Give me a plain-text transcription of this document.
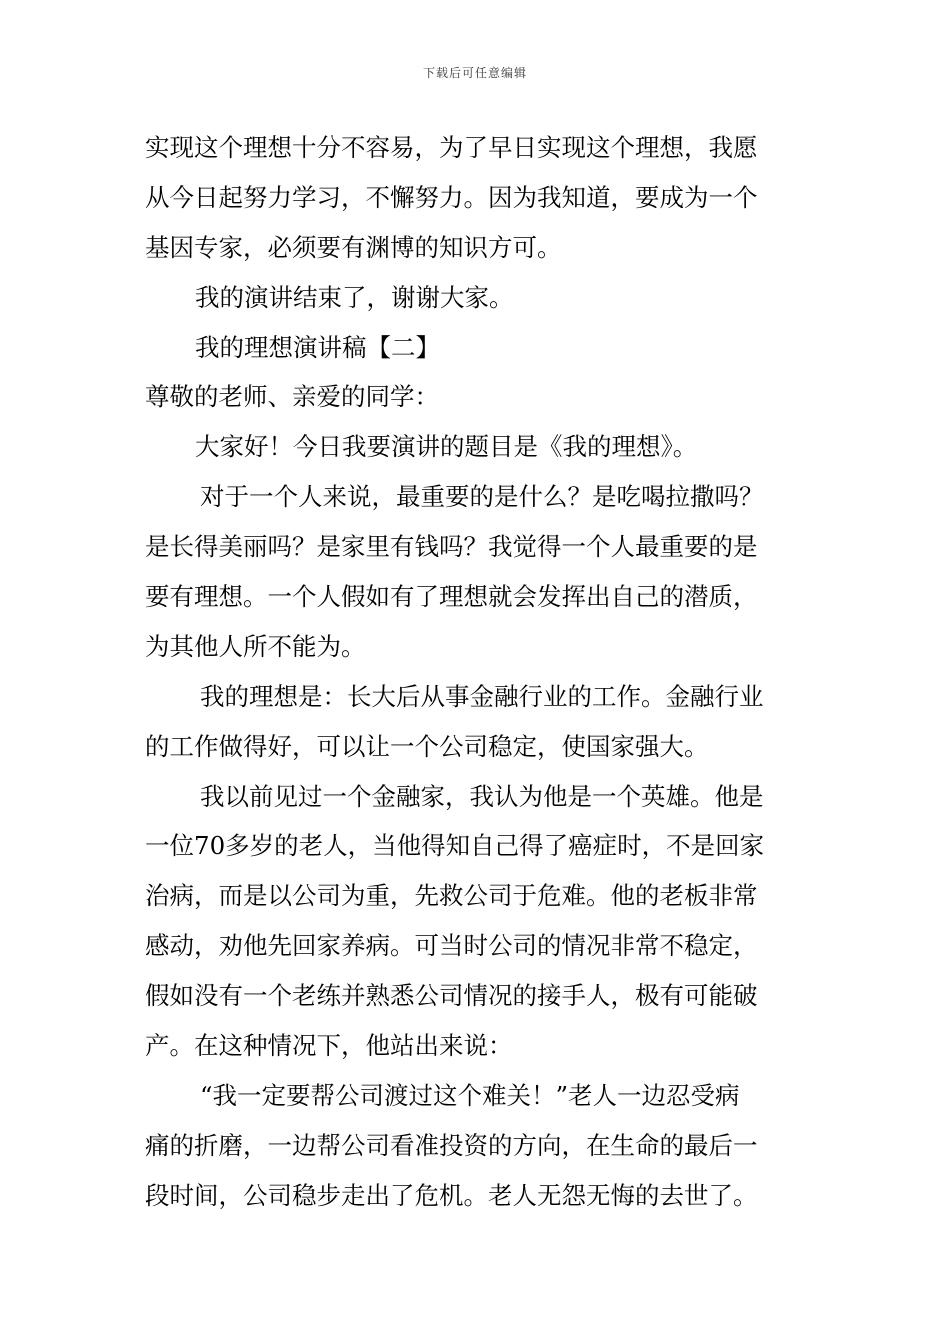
下载后可任意编辑
实现这个理想十分不容易，为了早日实现这个理想，我愿
从今日起努力学习，不懈努力。因为我知道，要成为一个
基因专家，必须要有渊博的知识方可。
我的演讲结束了，谢谢大家。
我的理想演讲稿【二】
尊敬的老师、亲爱的同学：
大家好！今日我要演讲的题目是《我的理想》。
对于一个人来说，最重要的是什么？是吃喝拉撒吗？
是长得美丽吗？是家里有钱吗？我觉得一个人最重要的是
要有理想。一个人假如有了理想就会发挥出自己的潜质，
为其他人所不能为。
我的理想是：长大后从事金融行业的工作。金融行业
的工作做得好，可以让一个公司稳定，使国家强大。
我以前见过一个金融家，我认为他是一个英雄。他是
一位70多岁的老人，当他得知自己得了癌症时，不是回家
治病，而是以公司为重，先救公司于危难。他的老板非常
感动，劝他先回家养病。可当时公司的情况非常不稳定，
假如没有一个老练并熟悉公司情况的接手人，极有可能破
产。在这种情况下，他站出来说：
“我一定要帮公司渡过这个难关！”老人一边忍受病
痛的折磨，一边帮公司看准投资的方向，在生命的最后一
段时间，公司稳步走出了危机。老人无怨无悔的去世了。
